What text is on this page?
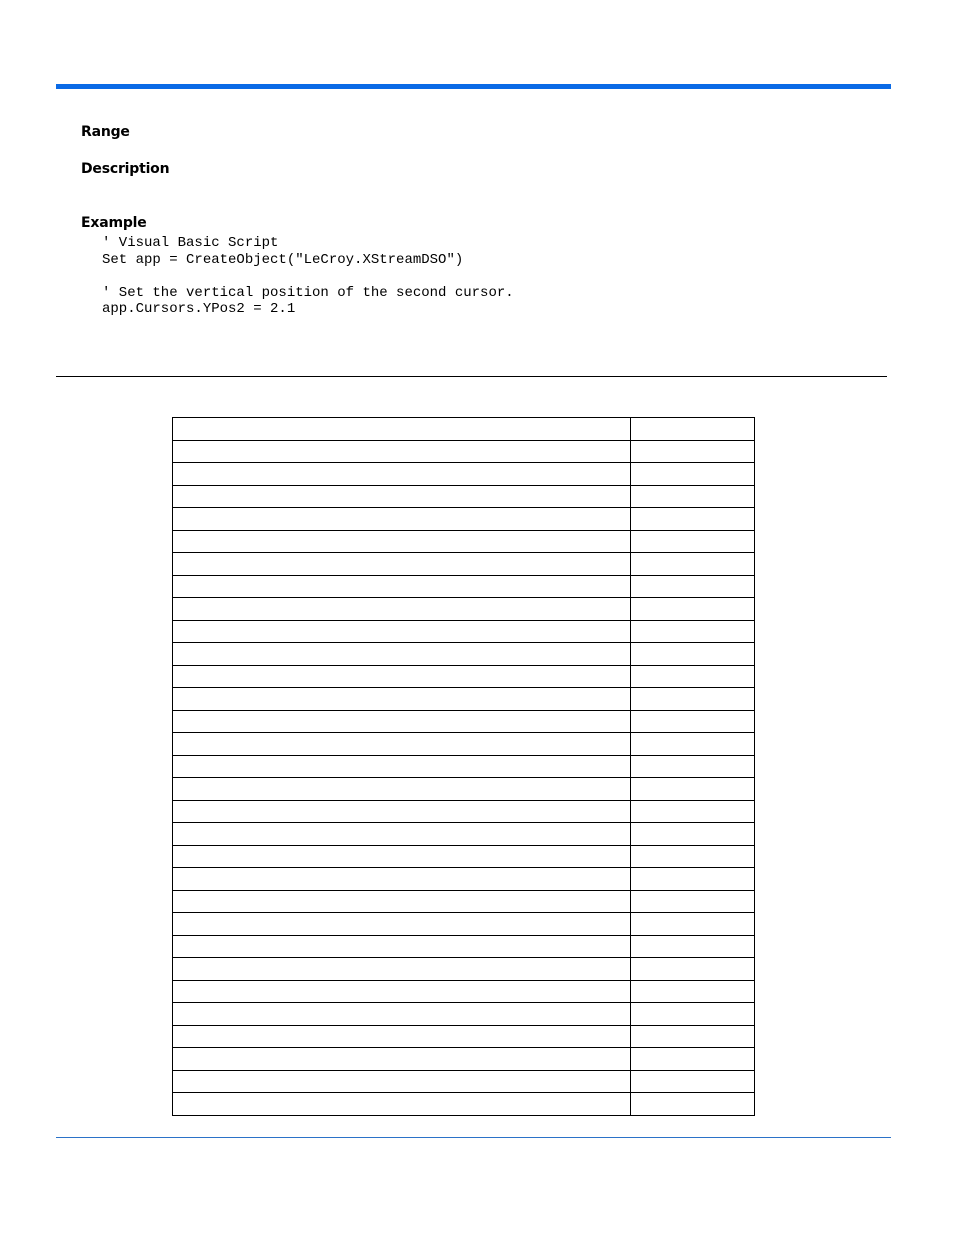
Range
Description
Example
' Visual Basic Script
Set app = CreateObject("LeCroy.XStreamDSO")
' Set the vertical position of the second cursor.
app.Cursors.YPos2 = 2.1
